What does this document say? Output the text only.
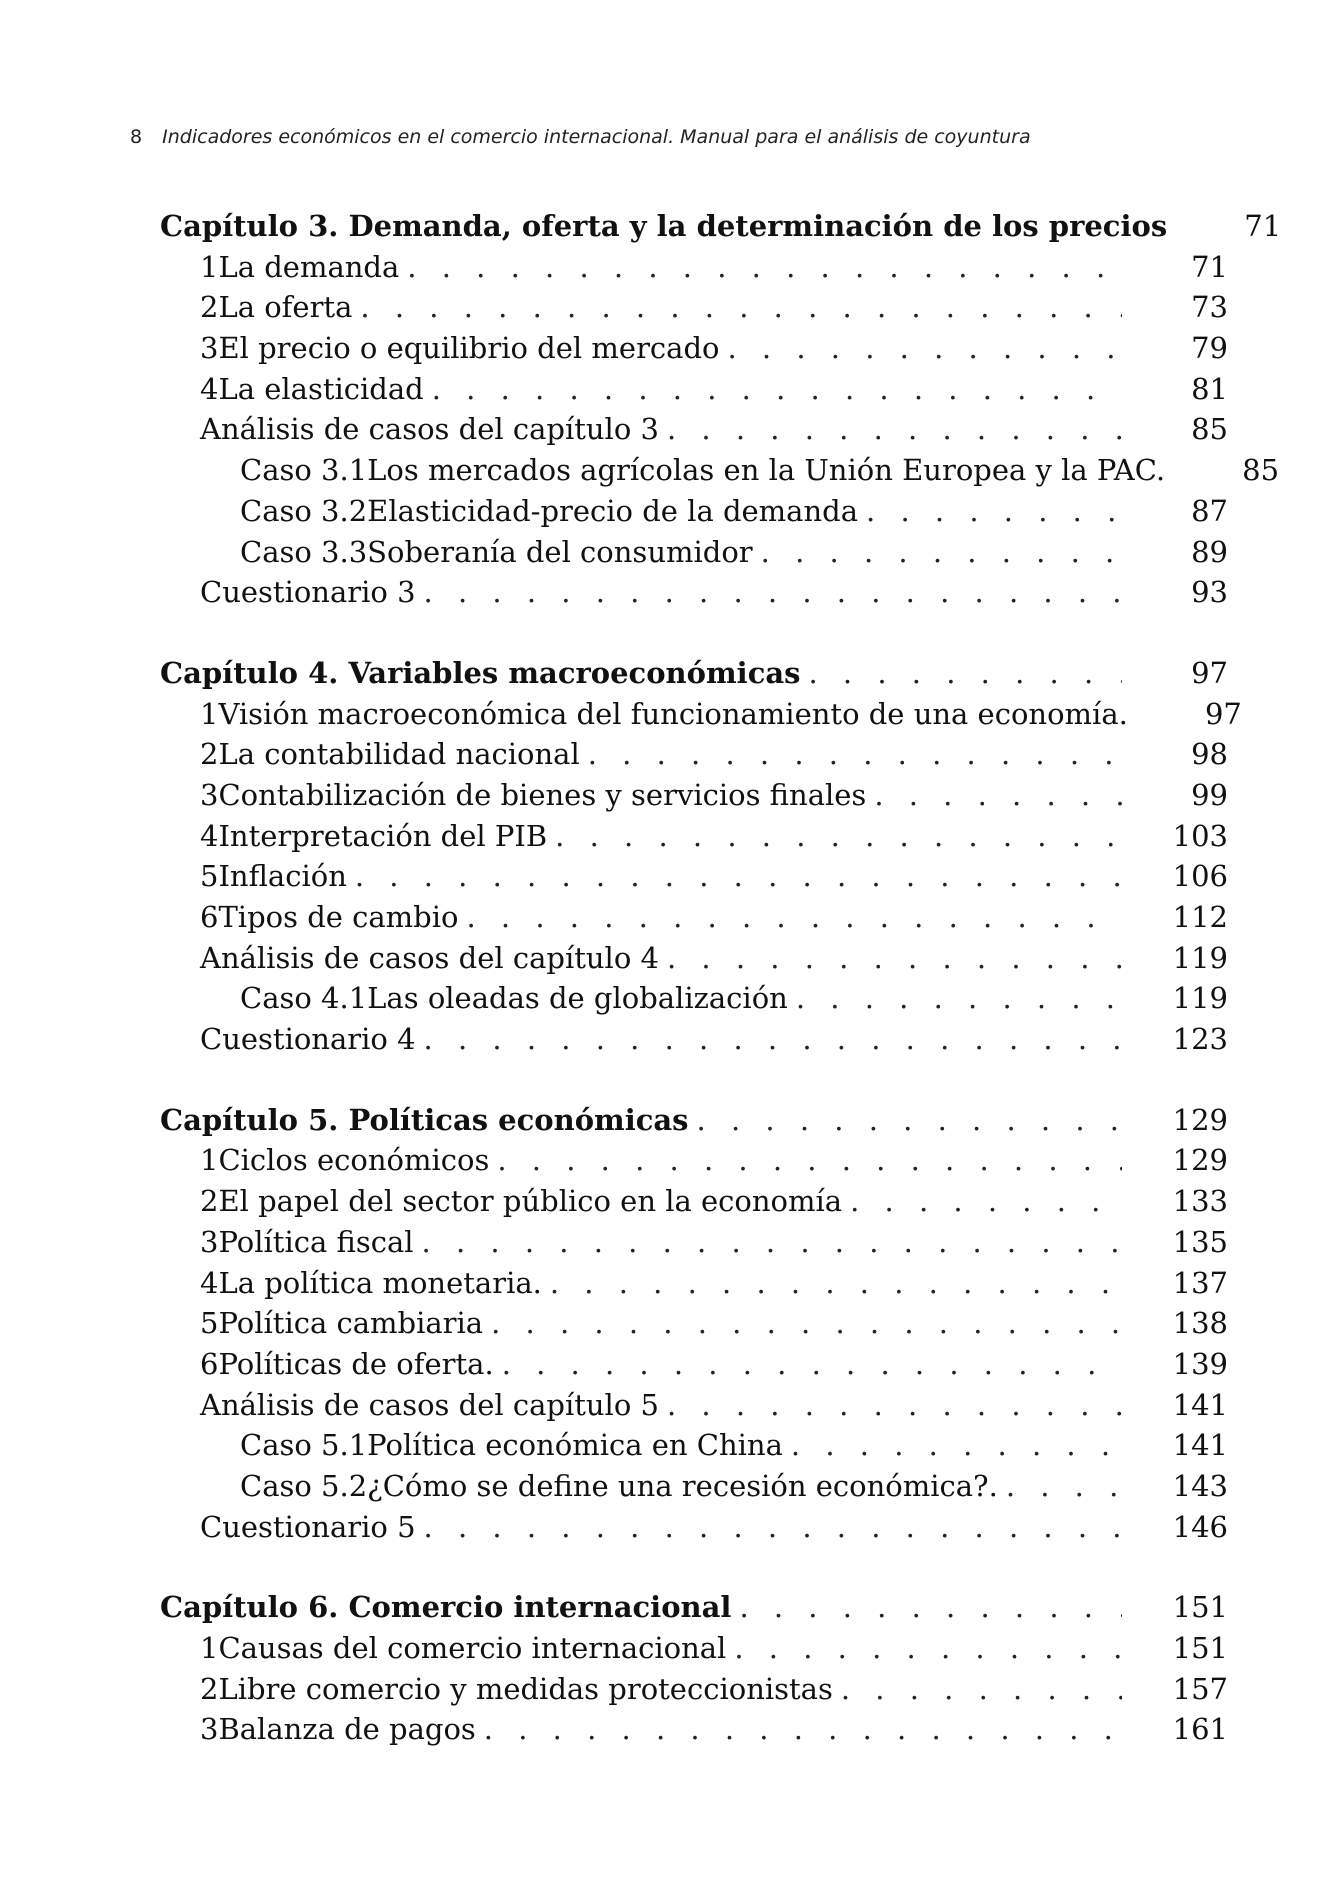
8 Indicadores económicos en el comercio internacional. Manual para el análisis de coyuntura
Capítulo 3. Demanda, oferta y la determinación de los precios	71
1 La demanda . . .	71
2 La oferta . . .	73
3 El precio o equilibrio del mercado . . .	79
4 La elasticidad . . .	81
Análisis de casos del capítulo 3 . . .	85
Caso 3.1 Los mercados agrícolas en la Unión Europea y la PAC.	85
Caso 3.2 Elasticidad-precio de la demanda . . .	87
Caso 3.3 Soberanía del consumidor . . .	89
Cuestionario 3 . . .	93
Capítulo 4. Variables macroeconómicas . . .	97
1 Visión macroeconómica del funcionamiento de una economía.	97
2 La contabilidad nacional . . .	98
3 Contabilización de bienes y servicios finales . . .	99
4 Interpretación del PIB . . .	103
5 Inflación . . .	106
6 Tipos de cambio . . .	112
Análisis de casos del capítulo 4 . . .	119
Caso 4.1 Las oleadas de globalización . . .	119
Cuestionario 4 . . .	123
Capítulo 5. Políticas económicas . . .	129
1 Ciclos económicos . . .	129
2 El papel del sector público en la economía . . .	133
3 Política fiscal . . .	135
4 La política monetaria. . . .	137
5 Política cambiaria . . .	138
6 Políticas de oferta. . . .	139
Análisis de casos del capítulo 5 . . .	141
Caso 5.1 Política económica en China . . .	141
Caso 5.2 ¿Cómo se define una recesión económica?. . . .	143
Cuestionario 5 . . .	146
Capítulo 6. Comercio internacional . . .	151
1 Causas del comercio internacional . . .	151
2 Libre comercio y medidas proteccionistas . . .	157
3 Balanza de pagos . . .	161
